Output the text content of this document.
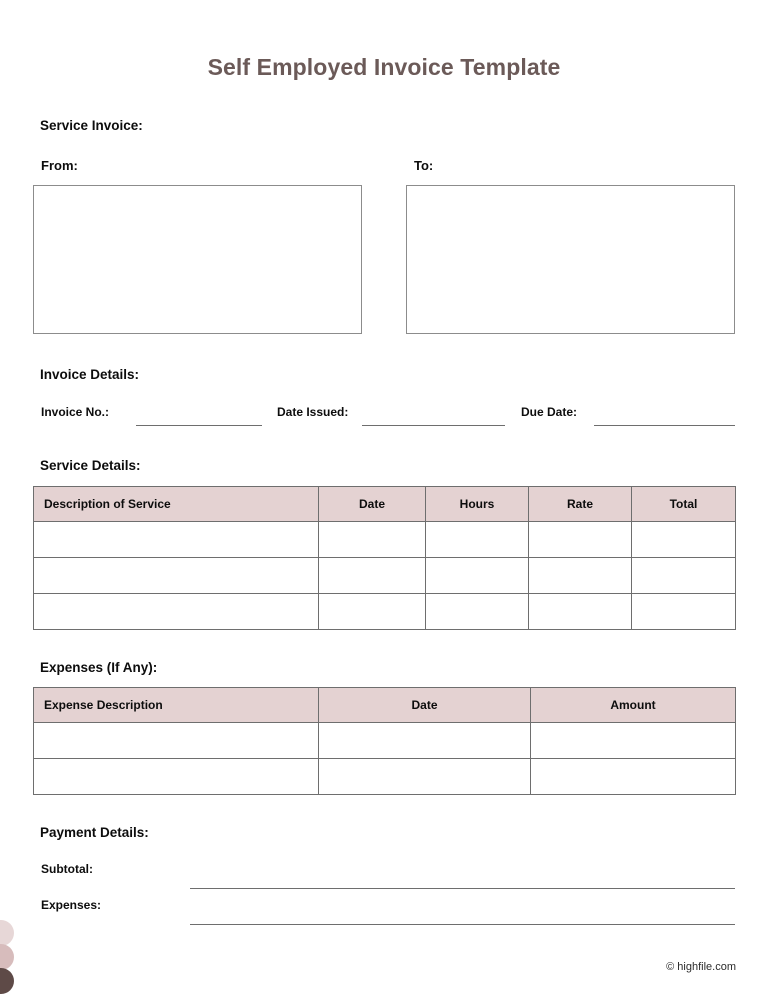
Self Employed Invoice Template
Service Invoice:
From:	To:
Invoice Details:
Invoice No.:	Date Issued:	Due Date:
Service Details:
Description of Service	Date	Hours	Rate	Total

Expenses (If Any):
Expense Description	Date	Amount

Payment Details:
Subtotal:
Expenses:
© highfile.com
